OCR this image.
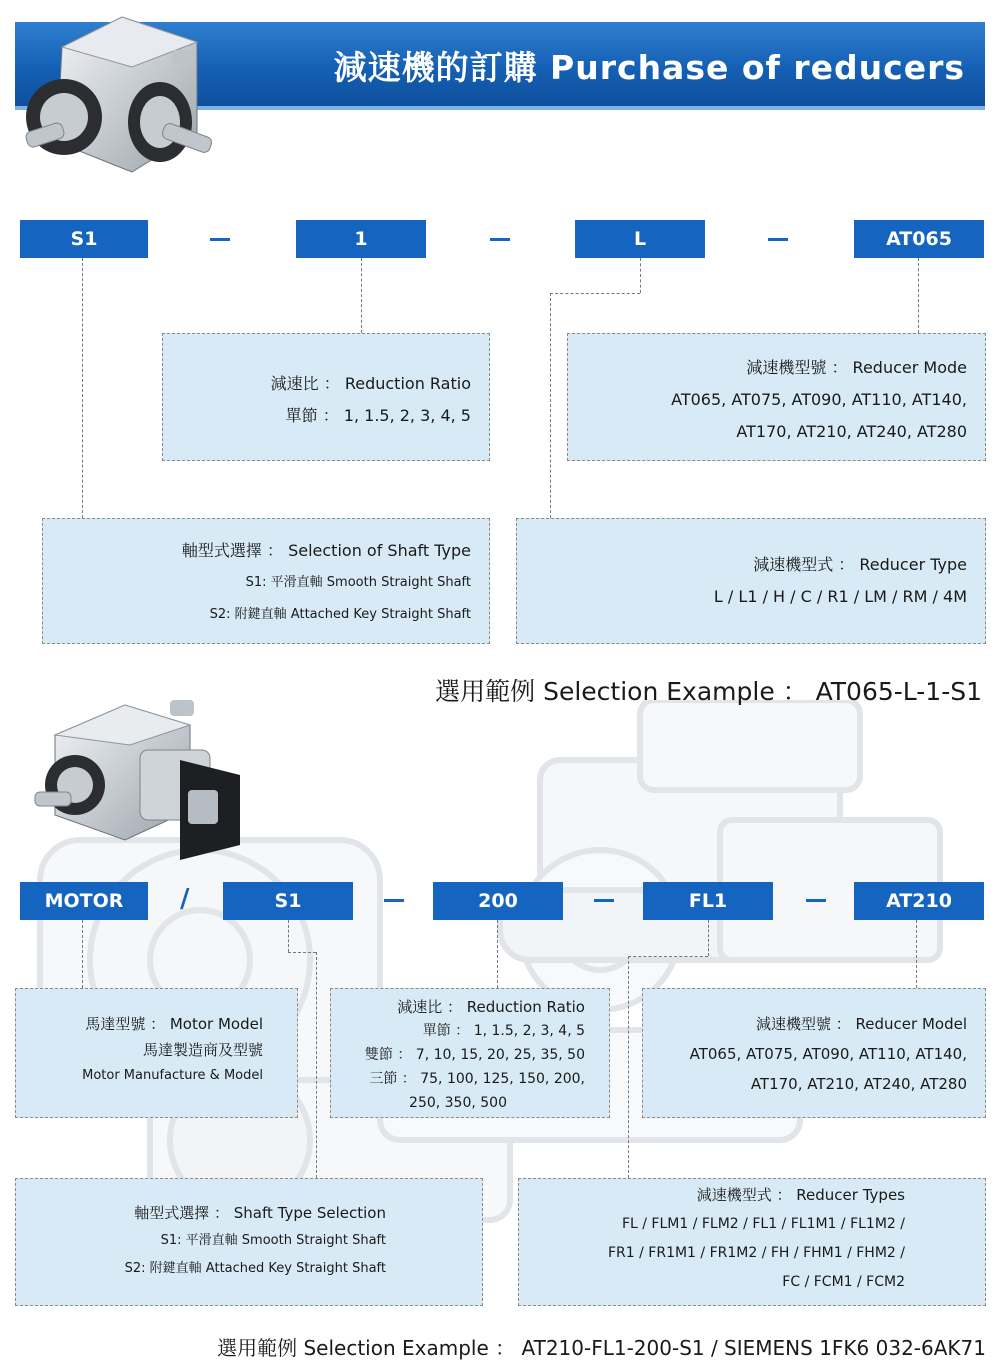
減速機的訂購 Purchase of reducers
AT065
L
1
S1
減速機型號 ： Reducer Mode
AT065, AT075, AT090, AT110, AT140,
AT170, AT210, AT240, AT280
減速比 ： Reduction Ratio
單節 ： 1, 1.5, 2, 3, 4, 5
減速機型式 ： Reducer Type
L / L1 / H / C / R1 / LM / RM / 4M
軸型式選擇 ： Selection of Shaft Type
S1: 平滑直軸 Smooth Straight Shaft
S2: 附鍵直軸 Attached Key Straight Shaft
選用範例 Selection Example ： AT065-L-1-S1
AT210
FL1
200
S1
/
MOTOR
減速機型號 ： Reducer Model
AT065, AT075, AT090, AT110, AT140,
AT170, AT210, AT240, AT280
減速比 ： Reduction Ratio
單節 ： 1, 1.5, 2, 3, 4, 5
雙節 ： 7, 10, 15, 20, 25, 35, 50
三節 ： 75, 100, 125, 150, 200,
250, 350, 500
馬達型號 ： Motor Model
馬達製造商及型號
Motor Manufacture & Model
減速機型式 ： Reducer Types
FL / FLM1 / FLM2 / FL1 / FL1M1 / FL1M2 /
FR1 / FR1M1 / FR1M2 / FH / FHM1 / FHM2 /
FC / FCM1 / FCM2
軸型式選擇 ： Shaft Type Selection
S1: 平滑直軸 Smooth Straight Shaft
S2: 附鍵直軸 Attached Key Straight Shaft
選用範例 Selection Example ： AT210-FL1-200-S1 / SIEMENS 1FK6 032-6AK71
